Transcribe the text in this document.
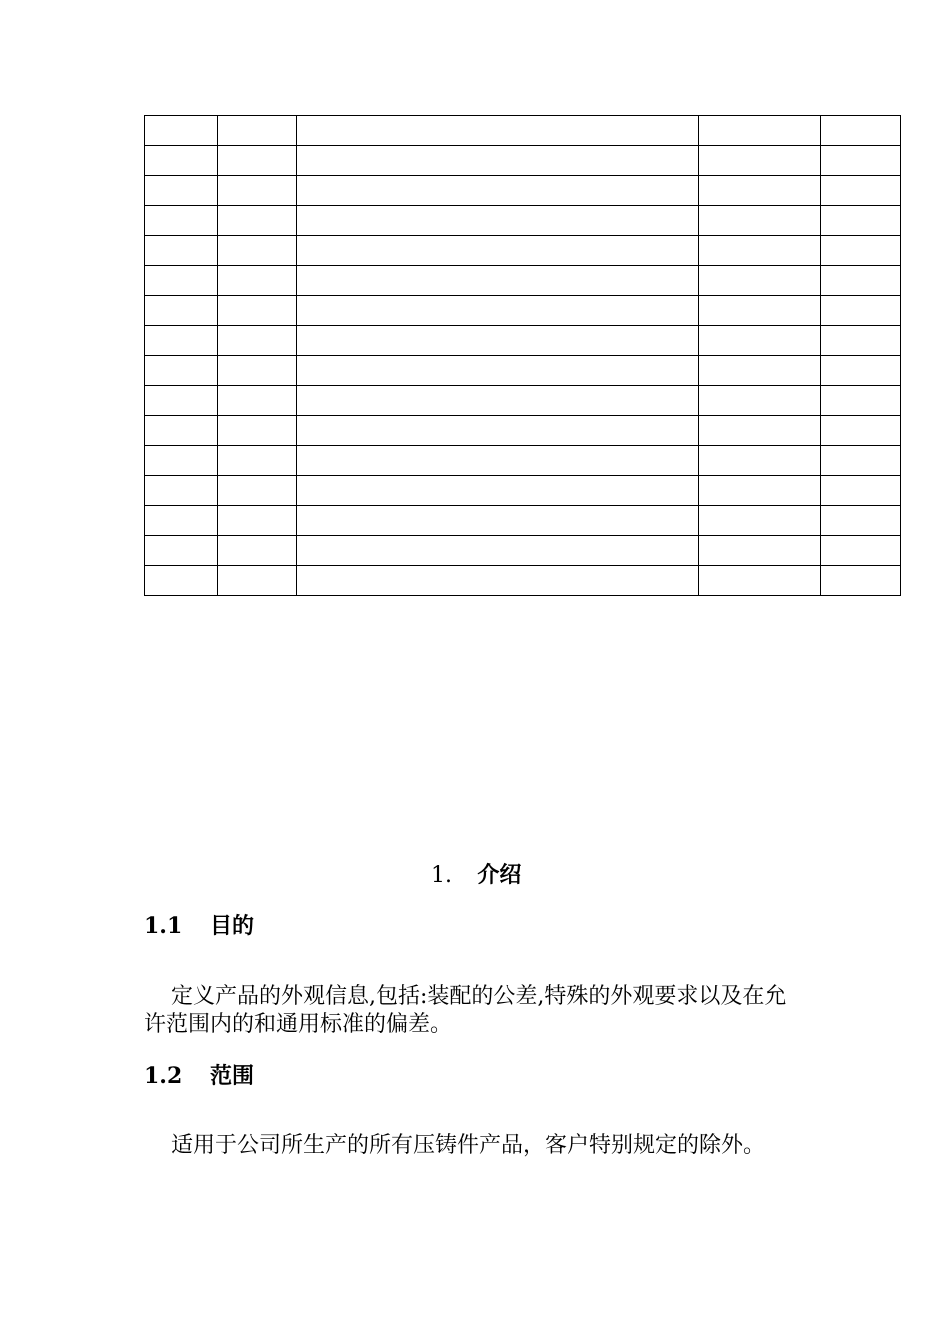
1. 介绍
1.1 目的

定义产品的外观信息,包括:装配的公差,特殊的外观要求以及在允许范围内的和通用标准的偏差。

1.2 范围

适用于公司所生产的所有压铸件产品，客户特别规定的除外。
